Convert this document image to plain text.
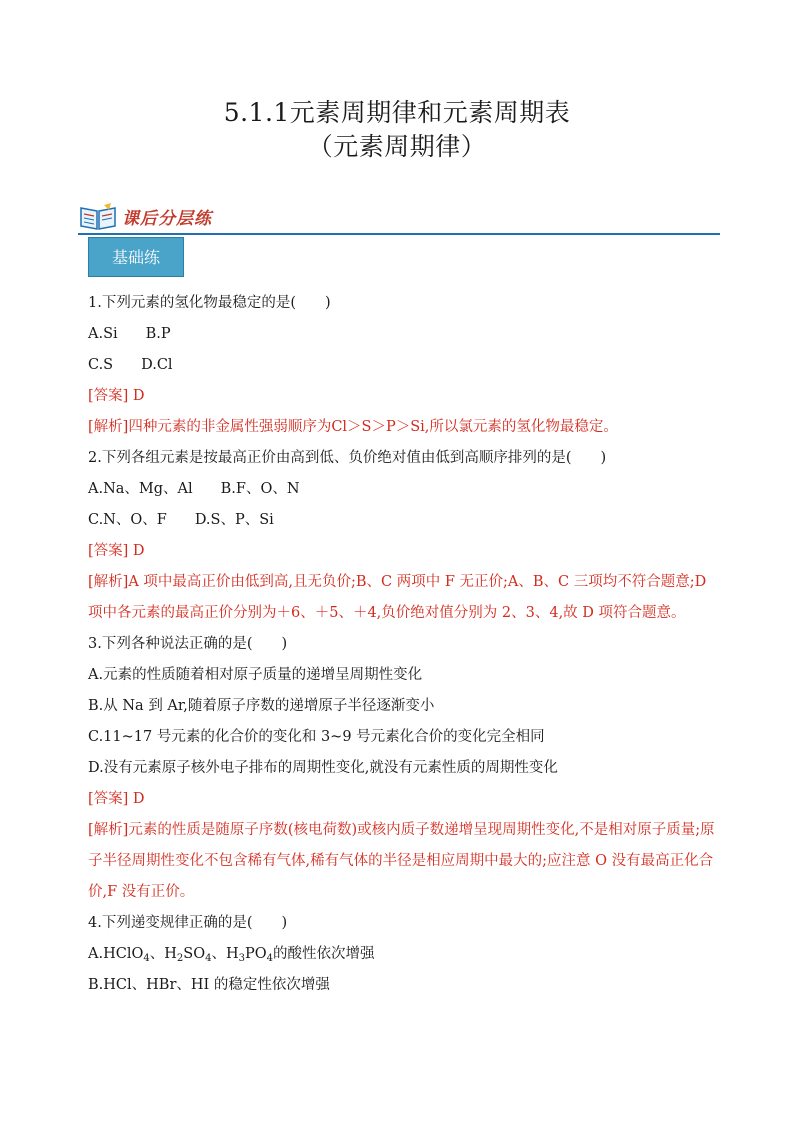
5.1.1元素周期律和元素周期表
（元素周期律）
课后分层练
基础练
1.下列元素的氢化物最稳定的是(　　)
A.Si B.P
C.S D.Cl
[答案] D
[解析]四种元素的非金属性强弱顺序为Cl＞S＞P＞Si,所以氯元素的氢化物最稳定。
2.下列各组元素是按最高正价由高到低、负价绝对值由低到高顺序排列的是(　　)
A.Na、Mg、Al B.F、O、N
C.N、O、F D.S、P、Si
[答案] D
[解析]A 项中最高正价由低到高,且无负价;B、C 两项中 F 无正价;A、B、C 三项均不符合题意;D 项中各元素的最高正价分别为＋6、＋5、＋4,负价绝对值分别为 2、3、4,故 D 项符合题意。
3.下列各种说法正确的是(　　)
A.元素的性质随着相对原子质量的递增呈周期性变化
B.从 Na 到 Ar,随着原子序数的递增原子半径逐渐变小
C.11~17 号元素的化合价的变化和 3~9 号元素化合价的变化完全相同
D.没有元素原子核外电子排布的周期性变化,就没有元素性质的周期性变化
[答案] D
[解析]元素的性质是随原子序数(核电荷数)或核内质子数递增呈现周期性变化,不是相对原子质量;原子半径周期性变化不包含稀有气体,稀有气体的半径是相应周期中最大的;应注意 O 没有最高正化合价,F 没有正价。
4.下列递变规律正确的是(　　)
A.HClO$_4$、$H_2SO_4$、$H_3PO_4$的酸性依次增强
B.HCl、HBr、HI 的稳定性依次增强
